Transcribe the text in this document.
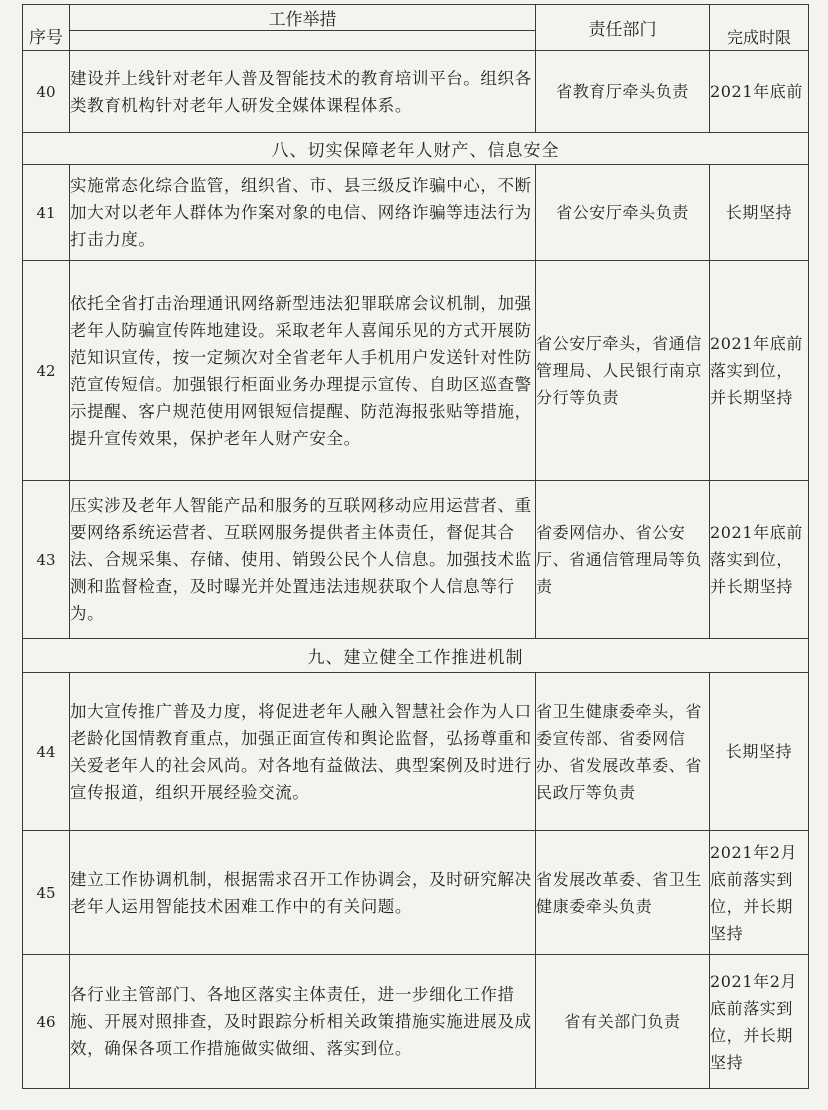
序号	工作举措	责任部门	完成时限

40	建设并上线针对老年人普及智能技术的教育培训平台。组织各类教育机构针对老年人研发全媒体课程体系。	省教育厅牵头负责	2021年底前
八、切实保障老年人财产、信息安全			
41	实施常态化综合监管，组织省、市、县三级反诈骗中心，不断加大对以老年人群体为作案对象的电信、网络诈骗等违法行为打击力度。	省公安厅牵头负责	长期坚持
42	依托全省打击治理通讯网络新型违法犯罪联席会议机制，加强老年人防骗宣传阵地建设。采取老年人喜闻乐见的方式开展防范知识宣传，按一定频次对全省老年人手机用户发送针对性防范宣传短信。加强银行柜面业务办理提示宣传、自助区巡查警示提醒、客户规范使用网银短信提醒、防范海报张贴等措施，提升宣传效果，保护老年人财产安全。	省公安厅牵头，省通信管理局、人民银行南京分行等负责	2021年底前落实到位，并长期坚持
43	压实涉及老年人智能产品和服务的互联网移动应用运营者、重要网络系统运营者、互联网服务提供者主体责任，督促其合法、合规采集、存储、使用、销毁公民个人信息。加强技术监测和监督检查，及时曝光并处置违法违规获取个人信息等行为。	省委网信办、省公安厅、省通信管理局等负责	2021年底前落实到位，并长期坚持
九、建立健全工作推进机制			
44	加大宣传推广普及力度，将促进老年人融入智慧社会作为人口老龄化国情教育重点，加强正面宣传和舆论监督，弘扬尊重和关爱老年人的社会风尚。对各地有益做法、典型案例及时进行宣传报道，组织开展经验交流。	省卫生健康委牵头，省委宣传部、省委网信办、省发展改革委、省民政厅等负责	长期坚持
45	建立工作协调机制，根据需求召开工作协调会，及时研究解决老年人运用智能技术困难工作中的有关问题。	省发展改革委、省卫生健康委牵头负责	2021年2月底前落实到位，并长期坚持
46	各行业主管部门、各地区落实主体责任，进一步细化工作措施、开展对照排查，及时跟踪分析相关政策措施实施进展及成效，确保各项工作措施做实做细、落实到位。	省有关部门负责	2021年2月底前落实到位，并长期坚持
